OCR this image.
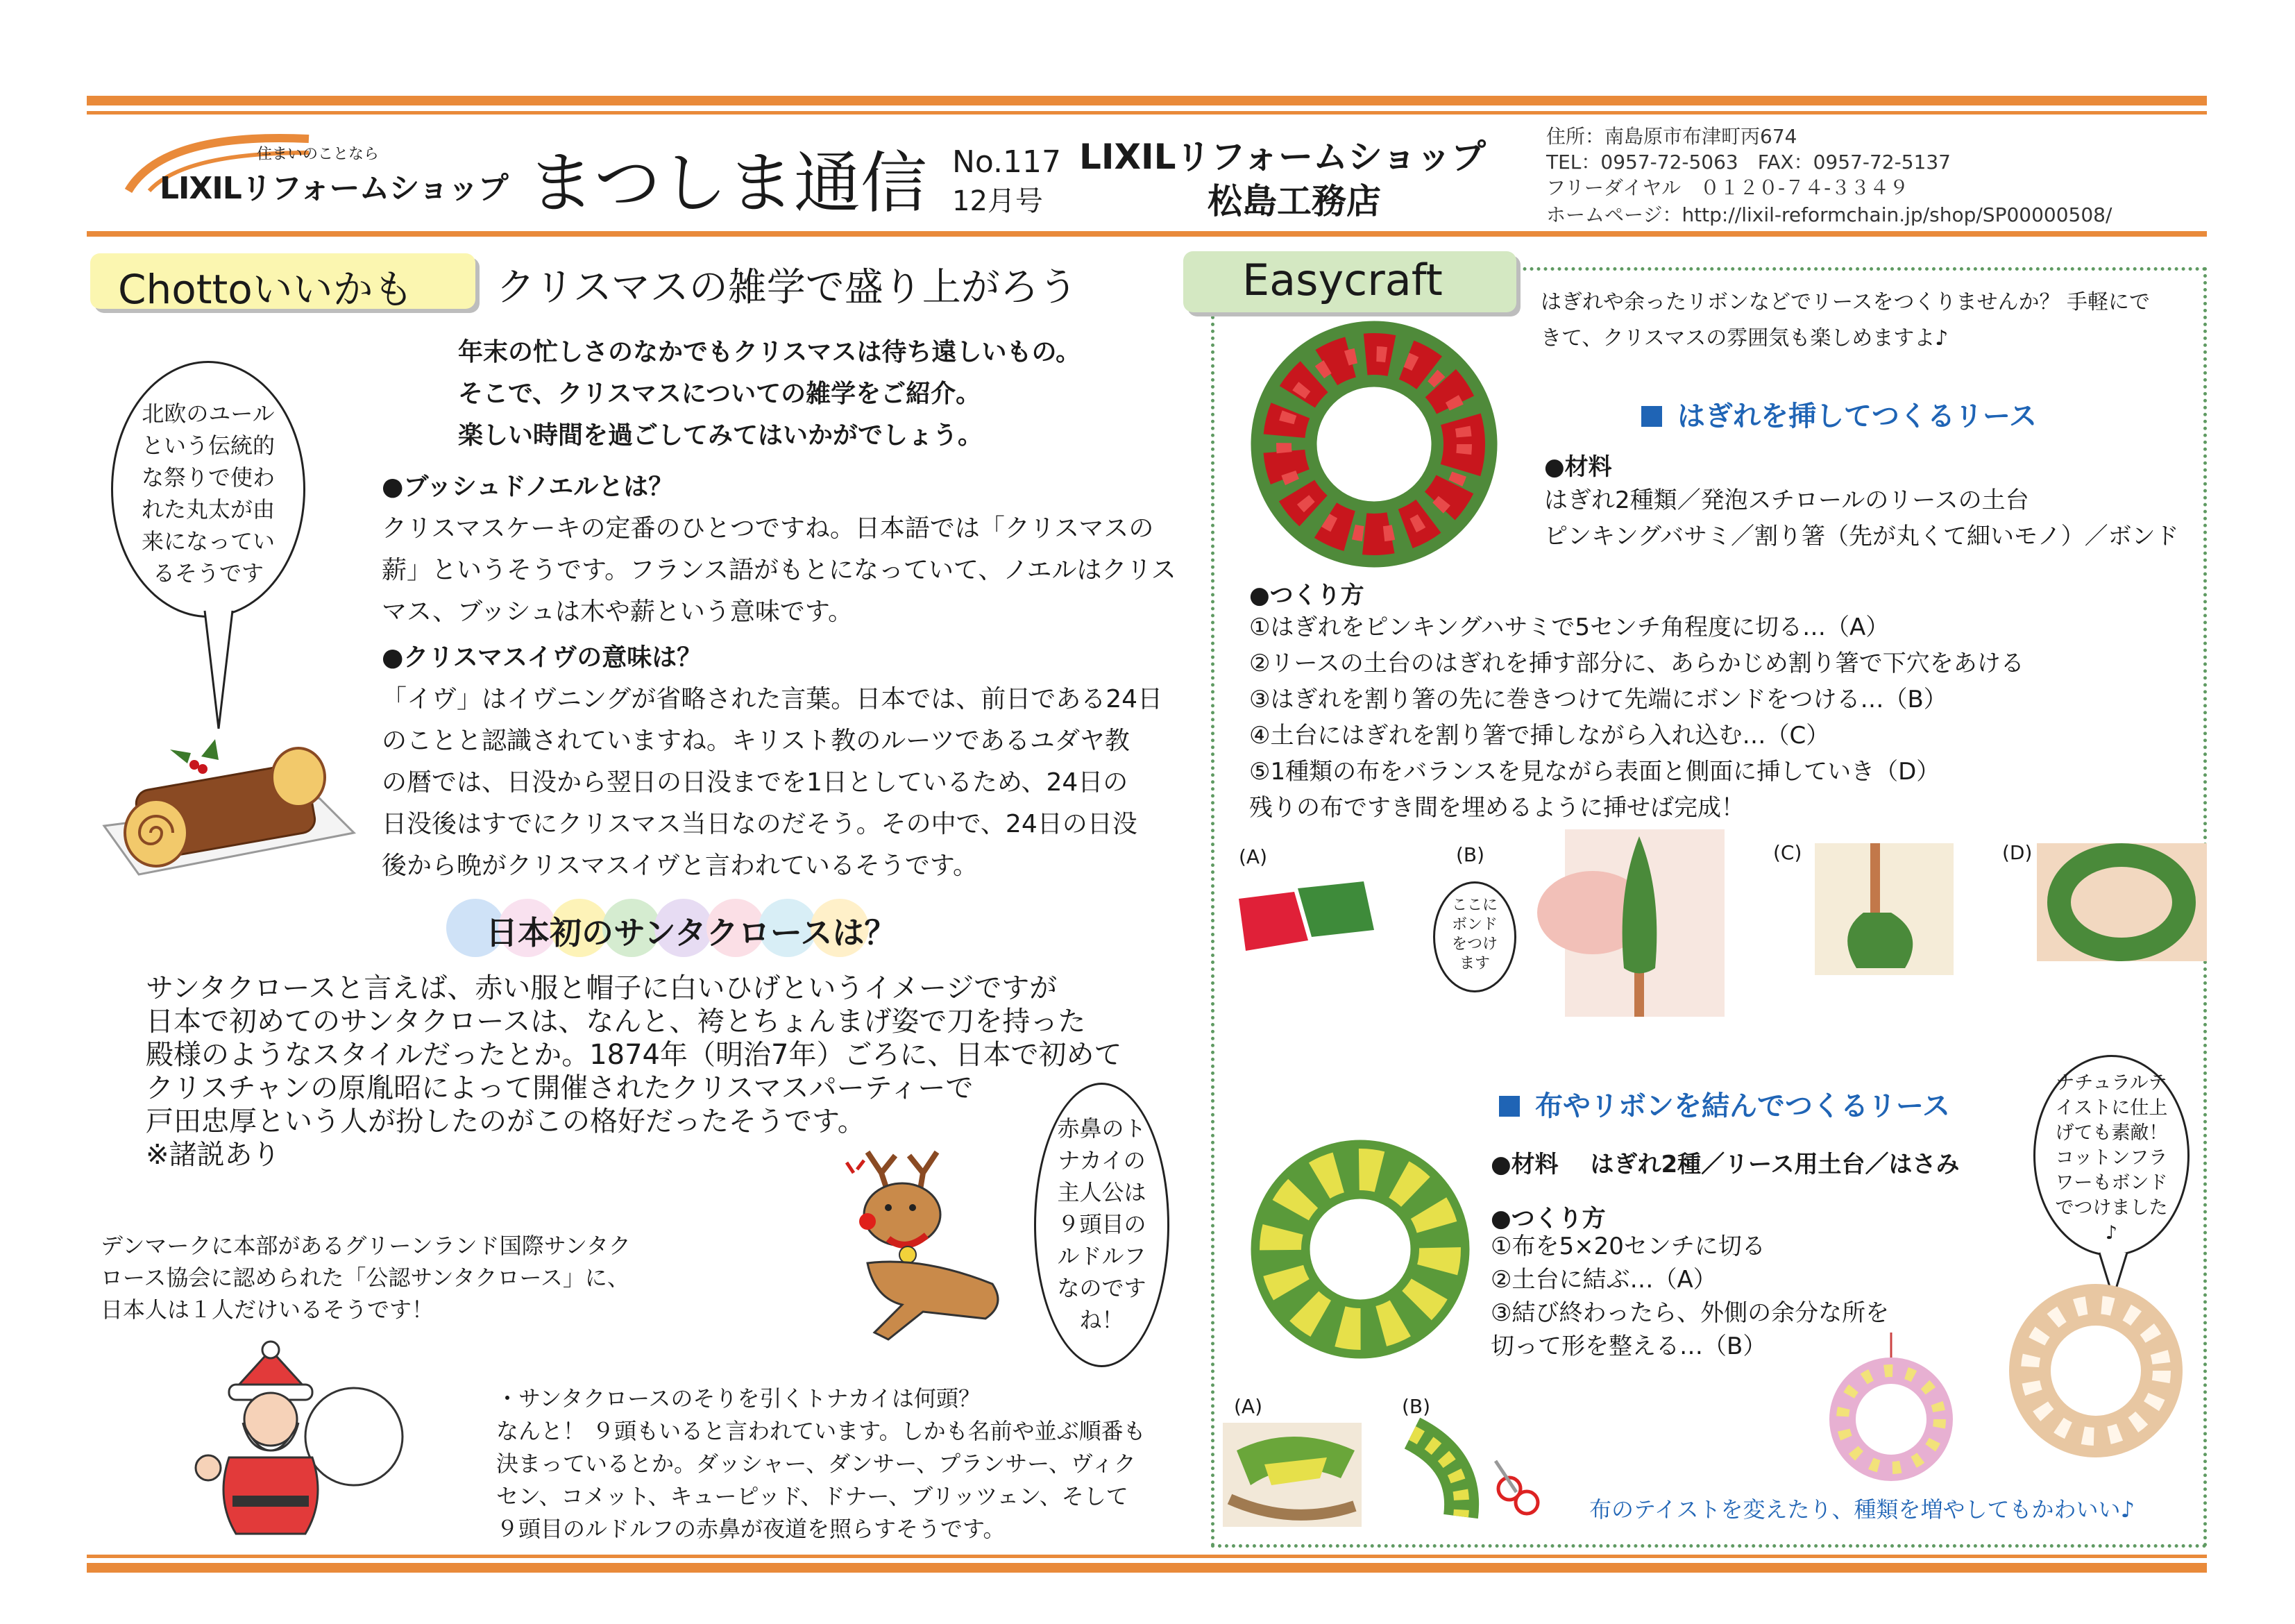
住まいのことなら
LIXILリフォームショップ まつしま通信 No.117
12月号
LIXILリフォームショップ
松島工務店
住所：南島原市布津町丙674
TEL：0957-72-5063　FAX：0957-72-5137
フリーダイヤル　０１２０-７４-３３４９
ホームページ：http://lixil-reformchain.jp/shop/SP00000508/
Chottoいいかも クリスマスの雑学で盛り上がろう
年末の忙しさのなかでもクリスマスは待ち遠しいもの。
そこで、クリスマスについての雑学をご紹介。
楽しい時間を過ごしてみてはいかがでしょう。
北欧のユール
という伝統的
な祭りで使わ
れた丸太が由
来になってい
るそうです
●ブッシュドノエルとは？
クリスマスケーキの定番のひとつですね。日本語では「クリスマスの
薪」というそうです。フランス語がもとになっていて、ノエルはクリス
マス、ブッシュは木や薪という意味です。
●クリスマスイヴの意味は？
「イヴ」はイヴニングが省略された言葉。日本では、前日である24日
のことと認識されていますね。キリスト教のルーツであるユダヤ教
の暦では、日没から翌日の日没までを1日としているため、24日の
日没後はすでにクリスマス当日なのだそう。その中で、24日の日没
後から晩がクリスマスイヴと言われているそうです。
日本初のサンタクロースは？
サンタクロースと言えば、赤い服と帽子に白いひげというイメージですが
日本で初めてのサンタクロースは、なんと、袴とちょんまげ姿で刀を持った
殿様のようなスタイルだったとか。1874年（明治7年）ごろに、日本で初めて
クリスチャンの原胤昭によって開催されたクリスマスパーティーで
戸田忠厚という人が扮したのがこの格好だったそうです。
※諸説あり
デンマークに本部があるグリーンランド国際サンタク
ロース協会に認められた「公認サンタクロース」に、
日本人は１人だけいるそうです！
赤鼻のト
ナカイの
主人公は
９頭目の
ルドルフ
なのです
ね！
・サンタクロースのそりを引くトナカイは何頭？
なんと！ ９頭もいると言われています。しかも名前や並ぶ順番も
決まっているとか。ダッシャー、ダンサー、プランサー、ヴィク
セン、コメット、キューピッド、ドナー、ブリッツェン、そして
９頭目のルドルフの赤鼻が夜道を照らすそうです。
Easycraft	はぎれや余ったリボンなどでリースをつくりませんか？ 手軽にで
きて、クリスマスの雰囲気も楽しめますよ♪
はぎれを挿してつくるリース
●材料
はぎれ2種類／発泡スチロールのリースの土台
ピンキングバサミ／割り箸（先が丸くて細いモノ）／ボンド
●つくり方
①はぎれをピンキングハサミで5センチ角程度に切る…（A）
②リースの土台のはぎれを挿す部分に、あらかじめ割り箸で下穴をあける
③はぎれを割り箸の先に巻きつけて先端にボンドをつける…（B）
④土台にはぎれを割り箸で挿しながら入れ込む…（C）
⑤1種類の布をバランスを見ながら表面と側面に挿していき（D）
残りの布ですき間を埋めるように挿せば完成！
(A)	(B)
ここに
ボンド
をつけ
ます
(C)	(D)
布やリボンを結んでつくるリース
●材料　 はぎれ2種／リース用土台／はさみ
●つくり方
①布を5×20センチに切る
②土台に結ぶ…（A）
③結び終わったら、外側の余分な所を
切って形を整える…（B）
ナチュラルテ
イストに仕上
げても素敵！
コットンフラ
ワーもボンド
でつけました
♪
(A)	(B)
布のテイストを変えたり、種類を増やしてもかわいい♪
